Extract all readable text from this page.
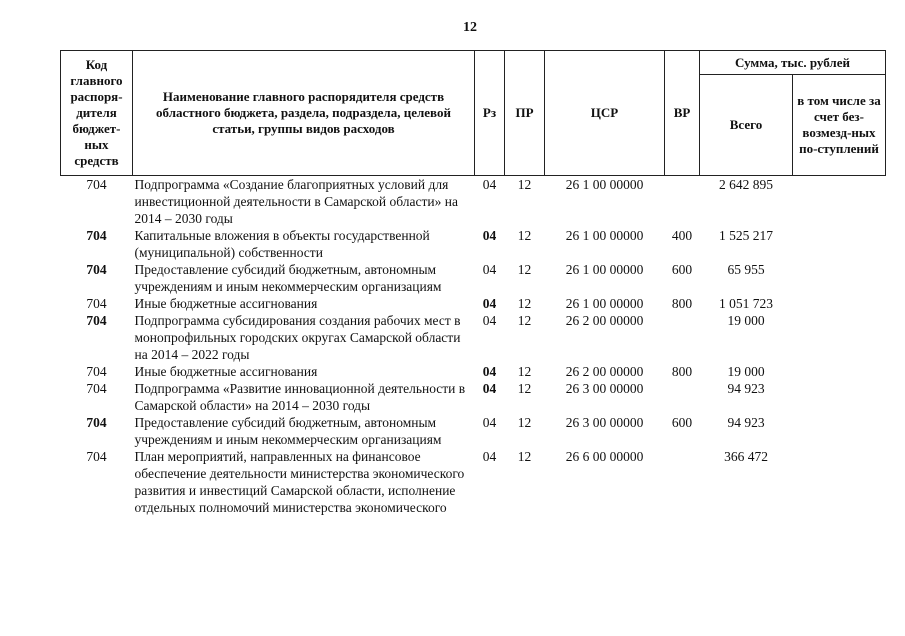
12
Код главного распоря-дителя бюджет-ных средств	Наименование главного распорядителя средств областного бюджета, раздела, подраздела, целевой статьи, группы видов расходов	Рз	ПР	ЦСР	ВР	Сумма, тыс. рублей	
						Всего	в том числе за счет без-возмезд-ных по-ступлений
704	Подпрограмма «Создание благоприятных условий для инвестиционной деятельности в Самарской области» на 2014 – 2030 годы	04	12	26 1 00 00000		2 642 895	
704	Капитальные вложения в объекты государственной (муниципальной) собственности	04	12	26 1 00 00000	400	1 525 217	
704	Предоставление субсидий бюджетным, автономным учреждениям и иным некоммерческим организациям	04	12	26 1 00 00000	600	65 955	
704	Иные бюджетные ассигнования	04	12	26 1 00 00000	800	1 051 723	
704	Подпрограмма субсидирования создания рабочих мест в монопрофильных городских округах Самарской области на 2014 – 2022 годы	04	12	26 2 00 00000		19 000	
704	Иные бюджетные ассигнования	04	12	26 2 00 00000	800	19 000	
704	Подпрограмма «Развитие инновационной деятельности в Самарской области» на 2014 – 2030 годы	04	12	26 3 00 00000		94 923	
704	Предоставление субсидий бюджетным, автономным учреждениям и иным некоммерческим организациям	04	12	26 3 00 00000	600	94 923	
704	План мероприятий, направленных на финансовое обеспечение деятельности министерства экономического развития и инвестиций Самарской области, исполнение отдельных полномочий министерства экономического	04	12	26 6 00 00000		366 472	
